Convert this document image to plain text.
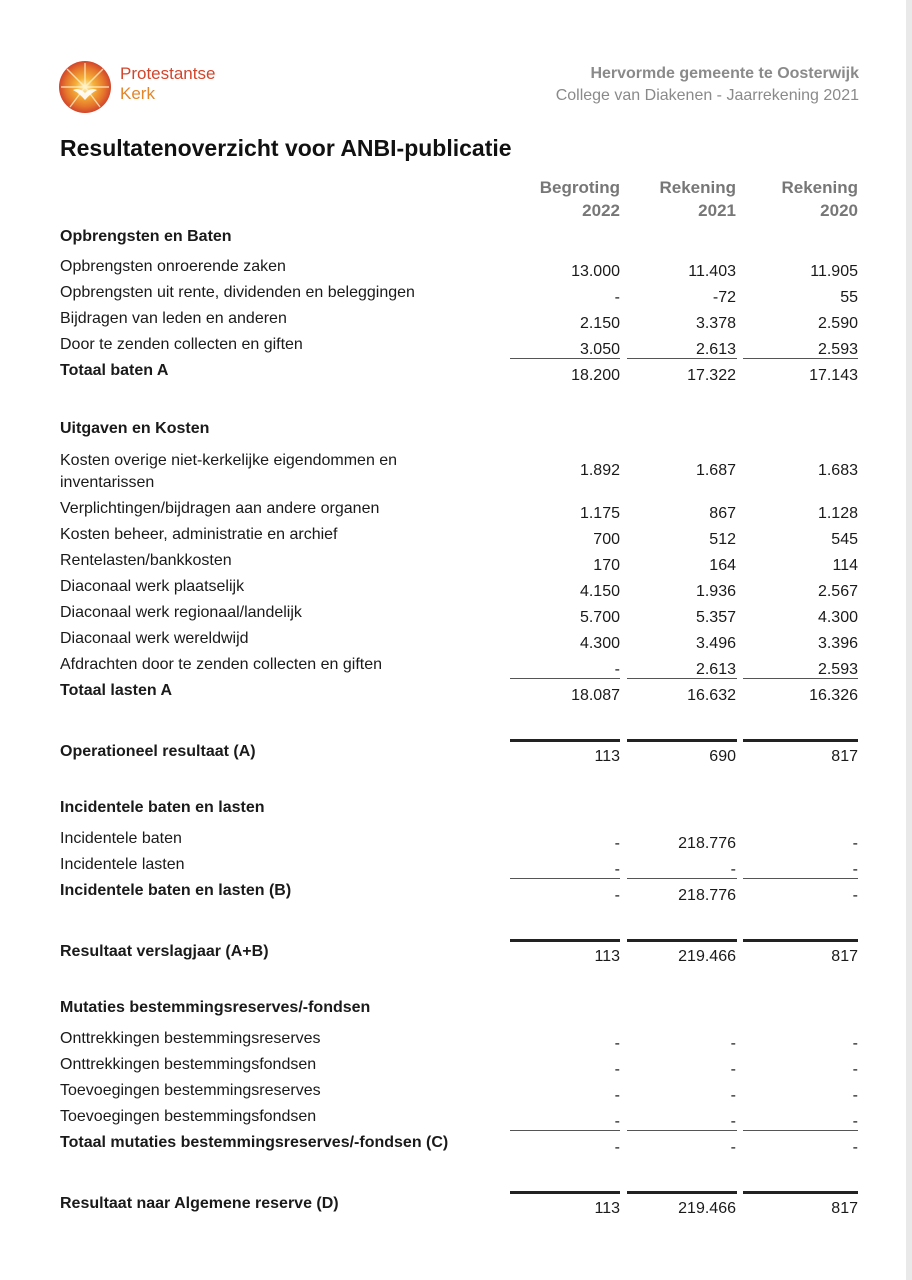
Protestantse
Kerk
Hervormde gemeente te Oosterwijk
College van Diakenen - Jaarrekening 2021
Resultatenoverzicht voor ANBI-publicatie
Begroting
2022
Rekening
2021
Rekening
2020
Opbrengsten en Baten
Opbrengsten onroerende zaken	13.000	11.403	11.905
Opbrengsten uit rente, dividenden en beleggingen	-	-72	55
Bijdragen van leden en anderen	2.150	3.378	2.590
Door te zenden collecten en giften	3.050	2.613	2.593
Totaal baten A	18.200	17.322	17.143
Uitgaven en Kosten
Kosten overige niet-kerkelijke eigendommen en inventarissen
1.892	1.687	1.683
Verplichtingen/bijdragen aan andere organen	1.175	867	1.128
Kosten beheer, administratie en archief	700	512	545
Rentelasten/bankkosten	170	164	114
Diaconaal werk plaatselijk	4.150	1.936	2.567
Diaconaal werk regionaal/landelijk	5.700	5.357	4.300
Diaconaal werk wereldwijd	4.300	3.496	3.396
Afdrachten door te zenden collecten en giften	-	2.613	2.593
Totaal lasten A	18.087	16.632	16.326
Operationeel resultaat (A)	113	690	817
Incidentele baten en lasten
Incidentele baten	-	218.776	-
Incidentele lasten	-	-	-
Incidentele baten en lasten (B)	-	218.776	-
Resultaat verslagjaar (A+B)	113	219.466	817
Mutaties bestemmingsreserves/-fondsen
Onttrekkingen bestemmingsreserves	-	-	-
Onttrekkingen bestemmingsfondsen	-	-	-
Toevoegingen bestemmingsreserves	-	-	-
Toevoegingen bestemmingsfondsen	-	-	-
Totaal mutaties bestemmingsreserves/-fondsen (C)	-	-	-
Resultaat naar Algemene reserve (D)	113	219.466	817
